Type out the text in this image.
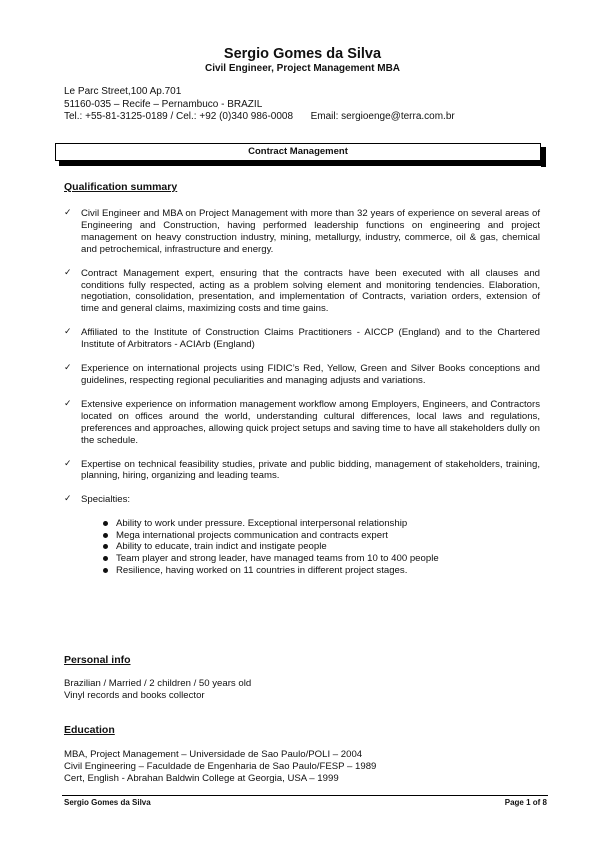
Sergio Gomes da Silva
Civil Engineer, Project Management MBA
Le Parc Street,100 Ap.701
51160-035 – Recife – Pernambuco - BRAZIL
Tel.: +55-81-3125-0189 / Cel.: +92 (0)340 986-0008 Email: sergioenge@terra.com.br
Contract Management
Qualification summary
✓ Civil Engineer and MBA on Project Management with more than 32 years of experience on several areas of Engineering and Construction, having performed leadership functions on engineering and project management on heavy construction industry, mining, metallurgy, industry, commerce, oil & gas, chemical and petrochemical, infrastructure and energy.
✓ Contract Management expert, ensuring that the contracts have been executed with all clauses and conditions fully respected, acting as a problem solving element and monitoring tendencies. Elaboration, negotiation, consolidation, presentation, and implementation of Contracts, variation orders, extension of time and general claims, maximizing costs and time gains.
✓ Affiliated to the Institute of Construction Claims Practitioners - AICCP (England) and to the Chartered Institute of Arbitrators - ACIArb (England)
✓ Experience on international projects using FIDIC’s Red, Yellow, Green and Silver Books conceptions and guidelines, respecting regional peculiarities and managing adjusts and variations.
✓ Extensive experience on information management workflow among Employers, Engineers, and Contractors located on offices around the world, understanding cultural differences, local laws and regulations, preferences and approaches, allowing quick project setups and saving time to have all stakeholders dully on the schedule.
✓ Expertise on technical feasibility studies, private and public bidding, management of stakeholders, training, planning, hiring, organizing and leading teams.
✓ Specialties:
Ability to work under pressure. Exceptional interpersonal relationship
Mega international projects communication and contracts expert
Ability to educate, train indict and instigate people
Team player and strong leader, have managed teams from 10 to 400 people
Resilience, having worked on 11 countries in different project stages.
Personal info
Brazilian / Married / 2 children / 50 years old
Vinyl records and books collector
Education
MBA, Project Management – Universidade de Sao Paulo/POLI – 2004
Civil Engineering – Faculdade de Engenharia de Sao Paulo/FESP – 1989
Cert, English - Abrahan Baldwin College at Georgia, USA – 1999
Sergio Gomes da Silva	Page 1 of 8
